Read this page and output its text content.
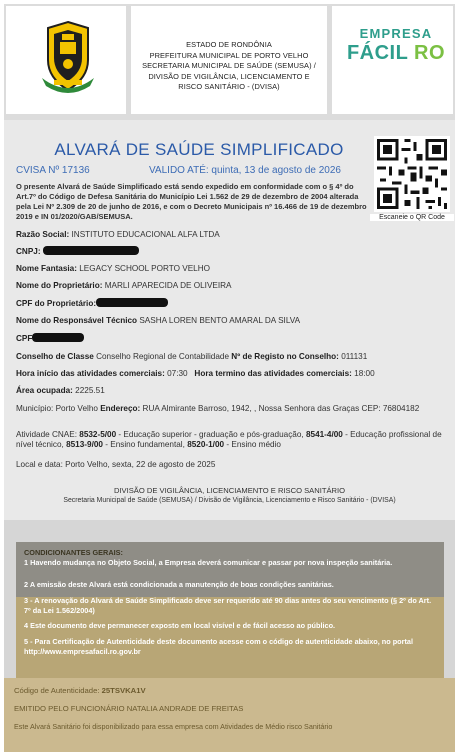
ESTADO DE RONDÔNIA
PREFEITURA MUNICIPAL DE PORTO VELHO
SECRETARIA MUNICIPAL DE SAÚDE (SEMUSA) /
DIVISÃO DE VIGILÂNCIA, LICENCIAMENTO E
RISCO SANITÁRIO - (DVISA)
EMPRESA
FÁCIL RO
ALVARÁ DE SAÚDE SIMPLIFICADO
CVISA Nº 17136	VALIDO ATÉ: quinta, 13 de agosto de 2026
Escaneie o QR Code
O presente Alvará de Saúde Simplificado está sendo expedido em conformidade com o § 4º do Art.7º do Código de Defesa Sanitária do Município Lei 1.562 de 29 de dezembro de 2004 alterada pela Lei Nº 2.309 de 20 de junho de 2016, e com o Decreto Municipais nº 16.466 de 19 de dezembro 2019 e IN 01/2020/GAB/SEMUSA.
Razão Social: INSTITUTO EDUCACIONAL ALFA LTDA
CNPJ:
Nome Fantasia: LEGACY SCHOOL PORTO VELHO
Nome do Proprietário: MARLI APARECIDA DE OLIVEIRA
CPF do Proprietário:
Nome do Responsável Técnico SASHA LOREN BENTO AMARAL DA SILVA
CPF
Conselho de Classe Conselho Regional de Contabilidade Nº de Registo no Conselho: 011131
Hora início das atividades comerciais: 07:30 Hora termino das atividades comerciais: 18:00
Área ocupada: 2225.51
Município: Porto Velho Endereço: RUA Almirante Barroso, 1942, , Nossa Senhora das Graças CEP: 76804182
Atividade CNAE: 8532-5/00 - Educação superior - graduação e pós-graduação, 8541-4/00 - Educação profissional de nível técnico, 8513-9/00 - Ensino fundamental, 8520-1/00 - Ensino médio
Local e data: Porto Velho, sexta, 22 de agosto de 2025
DIVISÃO DE VIGILÂNCIA, LICENCIAMENTO E RISCO SANITÁRIO
Secretaria Municipal de Saúde (SEMUSA) / Divisão de Vigilância, Licenciamento e Risco Sanitário - (DVISA)
CONDICIONANTES GERAIS:
1 Havendo mudança no Objeto Social, a Empresa deverá comunicar e passar por nova inspeção sanitária.
2 A emissão deste Alvará está condicionada a manutenção de boas condições sanitárias.
3 - A renovação do Alvará de Saúde Simplificado deve ser requerido até 90 dias antes do seu vencimento (§ 2º do Art. 7º da Lei 1.562/2004)
4 Este documento deve permanecer exposto em local visível e de fácil acesso ao público.
5 - Para Certificação de Autenticidade deste documento acesse com o código de autenticidade abaixo, no portal http://www.empresafacil.ro.gov.br
Código de Autenticidade: 25TSVKA1V
EMITIDO PELO FUNCIONÁRIO NATALIA ANDRADE DE FREITAS
Este Alvará Sanitário foi disponibilizado para essa empresa com Atividades de Médio risco Sanitário
